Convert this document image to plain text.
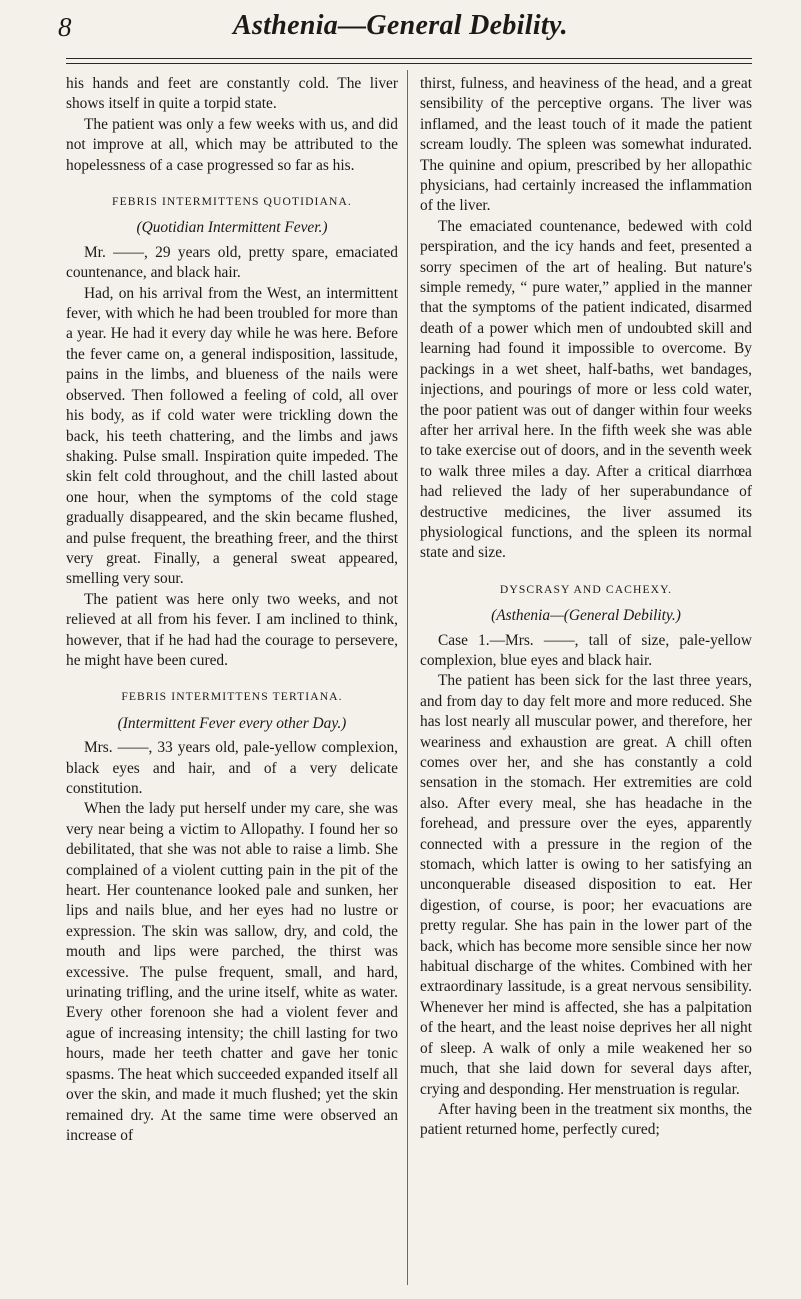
8	Asthenia—General Debility.

his hands and feet are constantly cold. The liver shows itself in quite a torpid state.

The patient was only a few weeks with us, and did not improve at all, which may be attributed to the hopelessness of a case progressed so far as his.

FEBRIS INTERMITTENS QUOTIDIANA.
(Quotidian Intermittent Fever.)

Mr. ——, 29 years old, pretty spare, emaciated countenance, and black hair.

Had, on his arrival from the West, an intermittent fever, with which he had been troubled for more than a year. He had it every day while he was here. Before the fever came on, a general indisposition, lassitude, pains in the limbs, and blueness of the nails were observed. Then followed a feeling of cold, all over his body, as if cold water were trickling down the back, his teeth chattering, and the limbs and jaws shaking. Pulse small. Inspiration quite impeded. The skin felt cold throughout, and the chill lasted about one hour, when the symptoms of the cold stage gradually disappeared, and the skin became flushed, and pulse frequent, the breathing freer, and the thirst very great. Finally, a general sweat appeared, smelling very sour.

The patient was here only two weeks, and not relieved at all from his fever. I am inclined to think, however, that if he had had the courage to persevere, he might have been cured.

FEBRIS INTERMITTENS TERTIANA.
(Intermittent Fever every other Day.)

Mrs. ——, 33 years old, pale-yellow complexion, black eyes and hair, and of a very delicate constitution.

When the lady put herself under my care, she was very near being a victim to Allopathy. I found her so debilitated, that she was not able to raise a limb. She complained of a violent cutting pain in the pit of the heart. Her countenance looked pale and sunken, her lips and nails blue, and her eyes had no lustre or expression. The skin was sallow, dry, and cold, the mouth and lips were parched, the thirst was excessive. The pulse frequent, small, and hard, urinating trifling, and the urine itself, white as water. Every other forenoon she had a violent fever and ague of increasing intensity; the chill lasting for two hours, made her teeth chatter and gave her tonic spasms. The heat which succeeded expanded itself all over the skin, and made it much flushed; yet the skin remained dry. At the same time were observed an increase of

thirst, fulness, and heaviness of the head, and a great sensibility of the perceptive organs. The liver was inflamed, and the least touch of it made the patient scream loudly. The spleen was somewhat indurated. The quinine and opium, prescribed by her allopathic physicians, had certainly increased the inflammation of the liver.

The emaciated countenance, bedewed with cold perspiration, and the icy hands and feet, presented a sorry specimen of the art of healing. But nature's simple remedy, “ pure water,” applied in the manner that the symptoms of the patient indicated, disarmed death of a power which men of undoubted skill and learning had found it impossible to overcome. By packings in a wet sheet, half-baths, wet bandages, injections, and pourings of more or less cold water, the poor patient was out of danger within four weeks after her arrival here. In the fifth week she was able to take exercise out of doors, and in the seventh week to walk three miles a day. After a critical diarrhœa had relieved the lady of her superabundance of destructive medicines, the liver assumed its physiological functions, and the spleen its normal state and size.

DYSCRASY AND CACHEXY.
(Asthenia—(General Debility.)

Case 1.—Mrs. ——, tall of size, pale-yellow complexion, blue eyes and black hair.

The patient has been sick for the last three years, and from day to day felt more and more reduced. She has lost nearly all muscular power, and therefore, her weariness and exhaustion are great. A chill often comes over her, and she has constantly a cold sensation in the stomach. Her extremities are cold also. After every meal, she has headache in the forehead, and pressure over the eyes, apparently connected with a pressure in the region of the stomach, which latter is owing to her satisfying an unconquerable diseased disposition to eat. Her digestion, of course, is poor; her evacuations are pretty regular. She has pain in the lower part of the back, which has become more sensible since her now habitual discharge of the whites. Combined with her extraordinary lassitude, is a great nervous sensibility. Whenever her mind is affected, she has a palpitation of the heart, and the least noise deprives her all night of sleep. A walk of only a mile weakened her so much, that she laid down for several days after, crying and desponding. Her menstruation is regular.

After having been in the treatment six months, the patient returned home, perfectly cured;
